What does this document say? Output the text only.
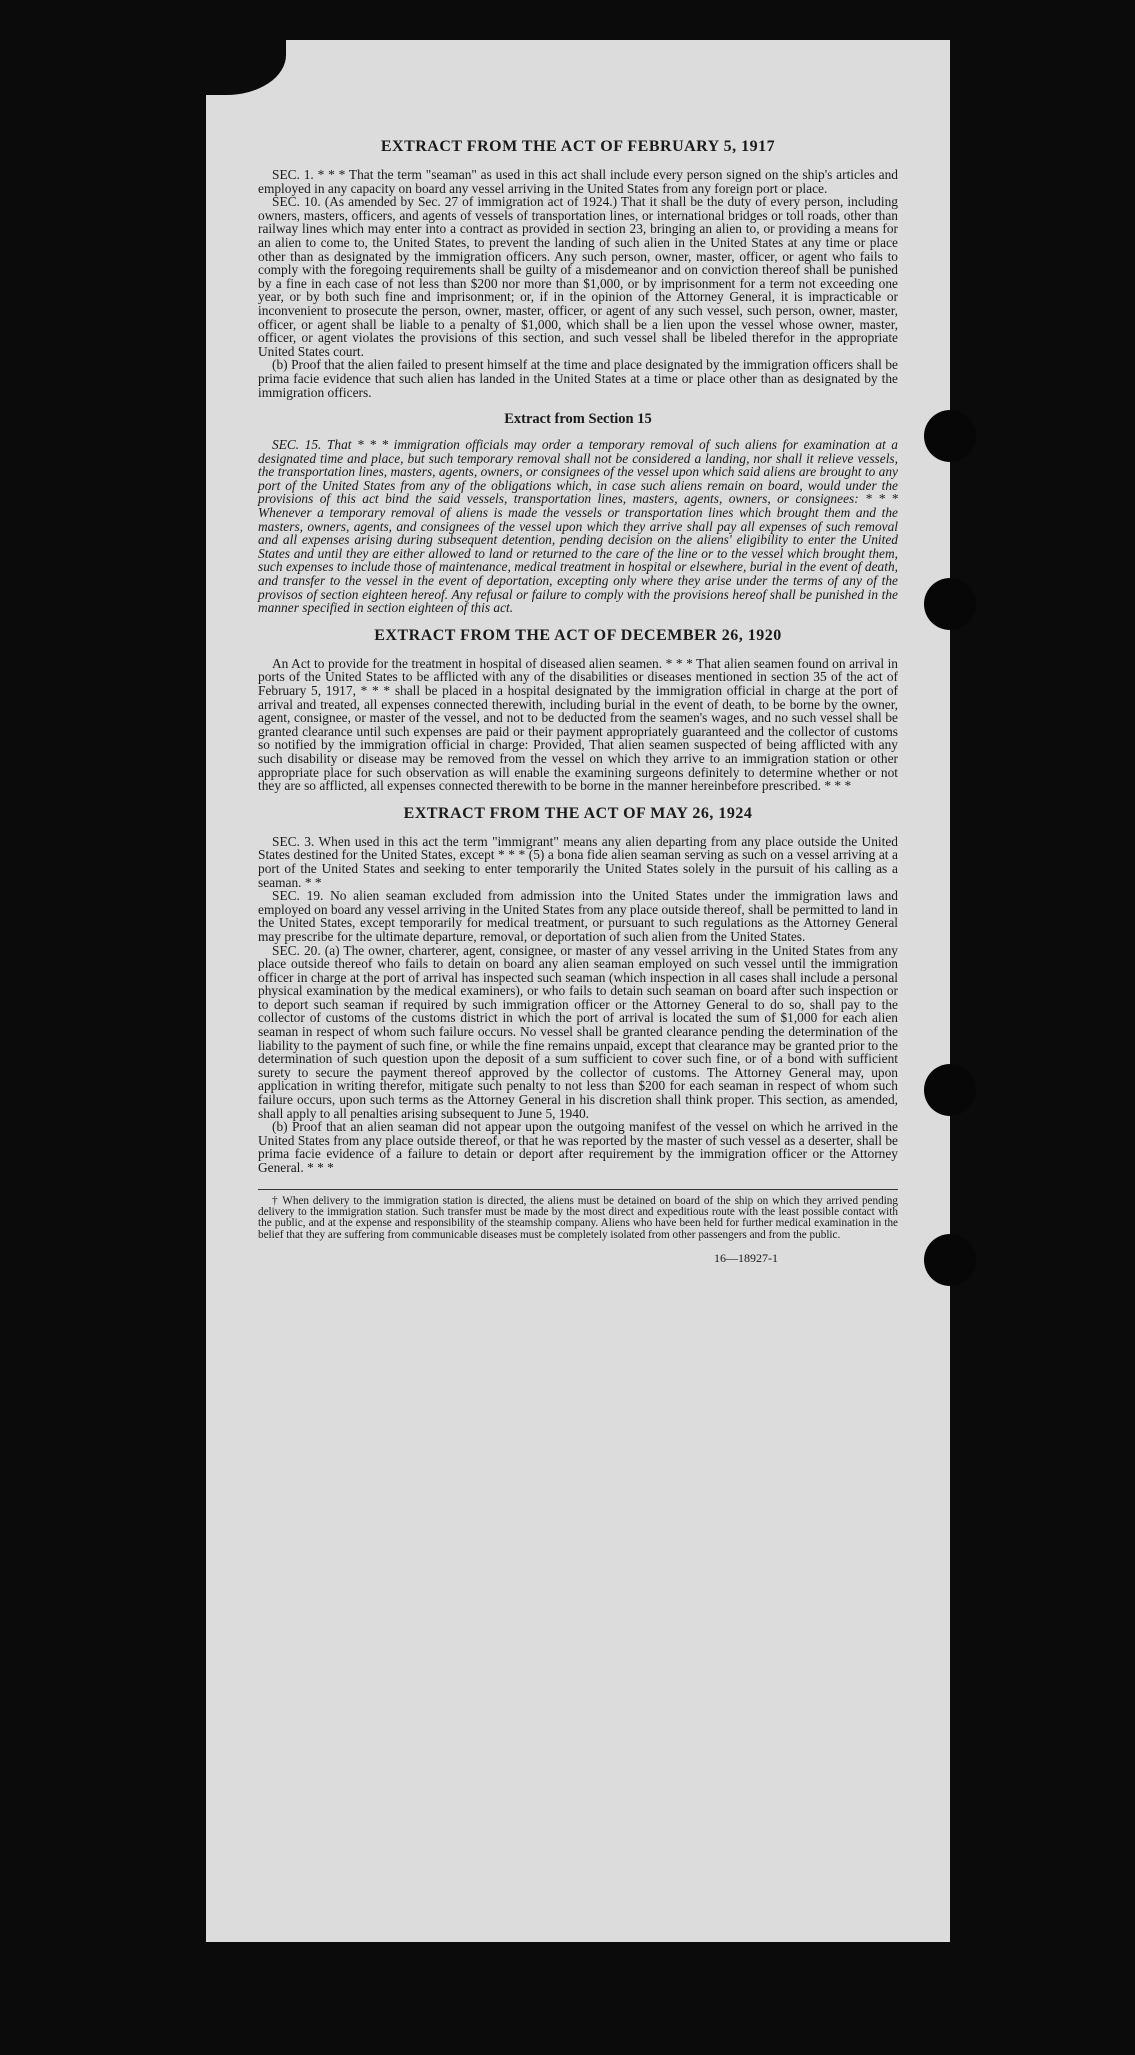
EXTRACT FROM THE ACT OF FEBRUARY 5, 1917

SEC. 1. * * * That the term "seaman" as used in this act shall include every person signed on the ship's articles and employed in any capacity on board any vessel arriving in the United States from any foreign port or place.

SEC. 10. (As amended by Sec. 27 of immigration act of 1924.) That it shall be the duty of every person, including owners, masters, officers, and agents of vessels of transportation lines, or international bridges or toll roads, other than railway lines which may enter into a contract as provided in section 23, bringing an alien to, or providing a means for an alien to come to, the United States, to prevent the landing of such alien in the United States at any time or place other than as designated by the immigration officers. Any such person, owner, master, officer, or agent who fails to comply with the foregoing requirements shall be guilty of a misdemeanor and on conviction thereof shall be punished by a fine in each case of not less than $200 nor more than $1,000, or by imprisonment for a term not exceeding one year, or by both such fine and imprisonment; or, if in the opinion of the Attorney General, it is impracticable or inconvenient to prosecute the person, owner, master, officer, or agent of any such vessel, such person, owner, master, officer, or agent shall be liable to a penalty of $1,000, which shall be a lien upon the vessel whose owner, master, officer, or agent violates the provisions of this section, and such vessel shall be libeled therefor in the appropriate United States court.

(b) Proof that the alien failed to present himself at the time and place designated by the immigration officers shall be prima facie evidence that such alien has landed in the United States at a time or place other than as designated by the immigration officers.

Extract from Section 15

SEC. 15. That * * * immigration officials may order a temporary removal of such aliens for examination at a designated time and place, but such temporary removal shall not be considered a landing, nor shall it relieve vessels, the transportation lines, masters, agents, owners, or consignees of the vessel upon which said aliens are brought to any port of the United States from any of the obligations which, in case such aliens remain on board, would under the provisions of this act bind the said vessels, transportation lines, masters, agents, owners, or consignees: * * * Whenever a temporary removal of aliens is made the vessels or transportation lines which brought them and the masters, owners, agents, and consignees of the vessel upon which they arrive shall pay all expenses of such removal and all expenses arising during subsequent detention, pending decision on the aliens' eligibility to enter the United States and until they are either allowed to land or returned to the care of the line or to the vessel which brought them, such expenses to include those of maintenance, medical treatment in hospital or elsewhere, burial in the event of death, and transfer to the vessel in the event of deportation, excepting only where they arise under the terms of any of the provisos of section eighteen hereof. Any refusal or failure to comply with the provisions hereof shall be punished in the manner specified in section eighteen of this act.

EXTRACT FROM THE ACT OF DECEMBER 26, 1920

An Act to provide for the treatment in hospital of diseased alien seamen. * * * That alien seamen found on arrival in ports of the United States to be afflicted with any of the disabilities or diseases mentioned in section 35 of the act of February 5, 1917, * * * shall be placed in a hospital designated by the immigration official in charge at the port of arrival and treated, all expenses connected therewith, including burial in the event of death, to be borne by the owner, agent, consignee, or master of the vessel, and not to be deducted from the seamen's wages, and no such vessel shall be granted clearance until such expenses are paid or their payment appropriately guaranteed and the collector of customs so notified by the immigration official in charge: Provided, That alien seamen suspected of being afflicted with any such disability or disease may be removed from the vessel on which they arrive to an immigration station or other appropriate place for such observation as will enable the examining surgeons definitely to determine whether or not they are so afflicted, all expenses connected therewith to be borne in the manner hereinbefore prescribed. * * *

EXTRACT FROM THE ACT OF MAY 26, 1924

SEC. 3. When used in this act the term "immigrant" means any alien departing from any place outside the United States destined for the United States, except * * * (5) a bona fide alien seaman serving as such on a vessel arriving at a port of the United States and seeking to enter temporarily the United States solely in the pursuit of his calling as a seaman. * *

SEC. 19. No alien seaman excluded from admission into the United States under the immigration laws and employed on board any vessel arriving in the United States from any place outside thereof, shall be permitted to land in the United States, except temporarily for medical treatment, or pursuant to such regulations as the Attorney General may prescribe for the ultimate departure, removal, or deportation of such alien from the United States.

SEC. 20. (a) The owner, charterer, agent, consignee, or master of any vessel arriving in the United States from any place outside thereof who fails to detain on board any alien seaman employed on such vessel until the immigration officer in charge at the port of arrival has inspected such seaman (which inspection in all cases shall include a personal physical examination by the medical examiners), or who fails to detain such seaman on board after such inspection or to deport such seaman if required by such immigration officer or the Attorney General to do so, shall pay to the collector of customs of the customs district in which the port of arrival is located the sum of $1,000 for each alien seaman in respect of whom such failure occurs. No vessel shall be granted clearance pending the determination of the liability to the payment of such fine, or while the fine remains unpaid, except that clearance may be granted prior to the determination of such question upon the deposit of a sum sufficient to cover such fine, or of a bond with sufficient surety to secure the payment thereof approved by the collector of customs. The Attorney General may, upon application in writing therefor, mitigate such penalty to not less than $200 for each seaman in respect of whom such failure occurs, upon such terms as the Attorney General in his discretion shall think proper. This section, as amended, shall apply to all penalties arising subsequent to June 5, 1940.

(b) Proof that an alien seaman did not appear upon the outgoing manifest of the vessel on which he arrived in the United States from any place outside thereof, or that he was reported by the master of such vessel as a deserter, shall be prima facie evidence of a failure to detain or deport after requirement by the immigration officer or the Attorney General. * * *

† When delivery to the immigration station is directed, the aliens must be detained on board of the ship on which they arrived pending delivery to the immigration station. Such transfer must be made by the most direct and expeditious route with the least possible contact with the public, and at the expense and responsibility of the steamship company. Aliens who have been held for further medical examination in the belief that they are suffering from communicable diseases must be completely isolated from other passengers and from the public.

16—18927-1
